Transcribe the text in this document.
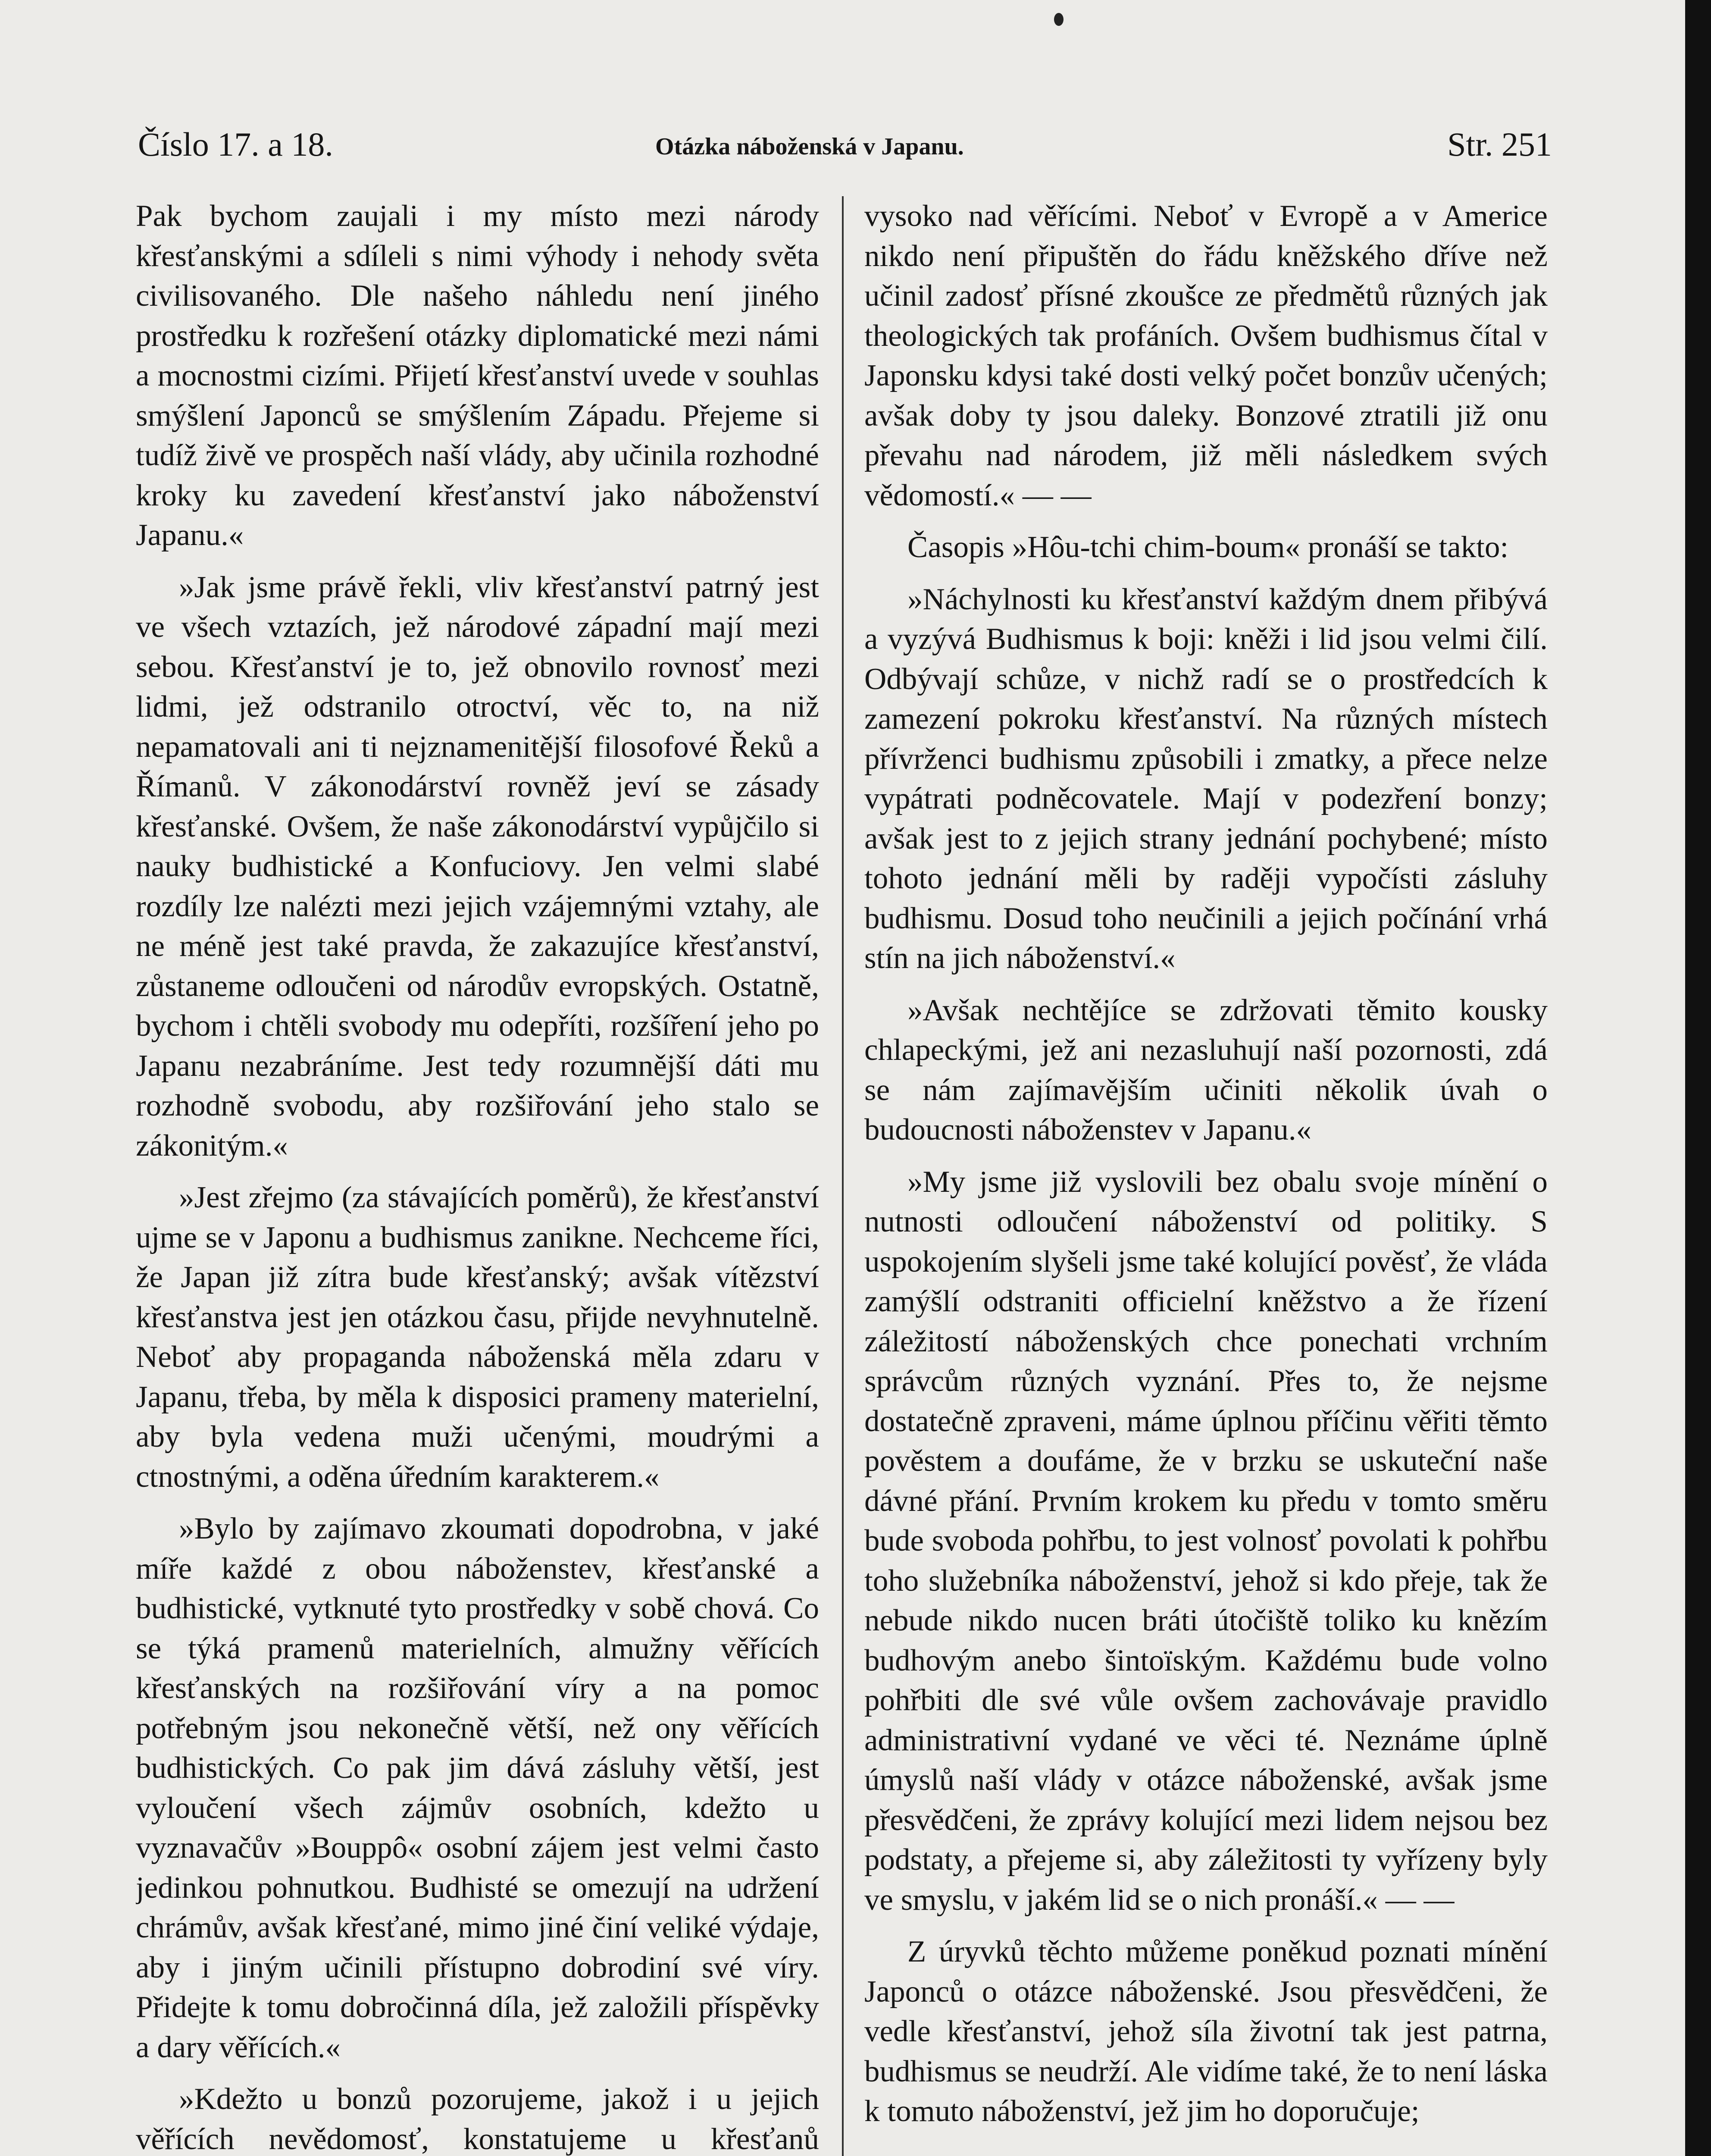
Číslo 17. a 18.	Otázka náboženská v Japanu.	Str. 251

Pak bychom zaujali i my místo mezi národy křesťanskými a sdíleli s nimi výhody i nehody světa civilisovaného. Dle našeho náhledu není jiného prostředku k rozřešení otázky diplomatické mezi námi a mocnostmi cizími. Přijetí křesťanství uvede v souhlas smýšlení Japonců se smýšlením Západu. Přejeme si tudíž živě ve prospěch naší vlády, aby učinila rozhodné kroky ku zavedení křesťanství jako náboženství Japanu.«

»Jak jsme právě řekli, vliv křesťanství patrný jest ve všech vztazích, jež národové západní mají mezi sebou. Křesťanství je to, jež obnovilo rovnosť mezi lidmi, jež odstranilo otroctví, věc to, na niž nepamatovali ani ti nejznamenitější filosofové Řeků a Římanů. V zákonodárství rovněž jeví se zásady křesťanské. Ovšem, že naše zákonodárství vypůjčilo si nauky budhistické a Konfuciovy. Jen velmi slabé rozdíly lze nalézti mezi jejich vzájemnými vztahy, ale ne méně jest také pravda, že zakazujíce křesťanství, zůstaneme odloučeni od národův evropských. Ostatně, bychom i chtěli svobody mu odepříti, rozšíření jeho po Japanu nezabráníme. Jest tedy rozumnější dáti mu rozhodně svobodu, aby rozšiřování jeho stalo se zákonitým.«

»Jest zřejmo (za stávajících poměrů), že křesťanství ujme se v Japonu a budhismus zanikne. Nechceme říci, že Japan již zítra bude křesťanský; avšak vítězství křesťanstva jest jen otázkou času, přijde nevyhnutelně. Neboť aby propaganda náboženská měla zdaru v Japanu, třeba, by měla k disposici prameny materielní, aby byla vedena muži učenými, moudrými a ctnostnými, a oděna úředním karakterem.«

»Bylo by zajímavo zkoumati dopodrobna, v jaké míře každé z obou náboženstev, křesťanské a budhistické, vytknuté tyto prostředky v sobě chová. Co se týká pramenů materielních, almužny věřících křesťanských na rozšiřování víry a na pomoc potřebným jsou nekonečně větší, než ony věřících budhistických. Co pak jim dává zásluhy větší, jest vyloučení všech zájmův osobních, kdežto u vyznavačův »Bouppô« osobní zájem jest velmi často jedinkou pohnutkou. Budhisté se omezují na udržení chrámův, avšak křesťané, mimo jiné činí veliké výdaje, aby i jiným učinili přístupno dobrodiní své víry. Přidejte k tomu dobročinná díla, jež založili příspěvky a dary věřících.«

»Kdežto u bonzů pozorujeme, jakož i u jejich věřících nevědomosť, konstatujeme u křesťanů

vysoko nad věřícími. Neboť v Evropě a v Americe nikdo není připuštěn do řádu kněžského dříve než učinil zadosť přísné zkoušce ze předmětů různých jak theologických tak profáních. Ovšem budhismus čítal v Japonsku kdysi také dosti velký počet bonzův učených; avšak doby ty jsou daleky. Bonzové ztratili již onu převahu nad národem, již měli následkem svých vědomostí.« — —

Časopis »Hôu-tchi chim-boum« pronáší se takto:

»Náchylnosti ku křesťanství každým dnem přibývá a vyzývá Budhismus k boji: kněži i lid jsou velmi čilí. Odbývají schůze, v nichž radí se o prostředcích k zamezení pokroku křesťanství. Na různých místech přívrženci budhismu způsobili i zmatky, a přece nelze vypátrati podněcovatele. Mají v podezření bonzy; avšak jest to z jejich strany jednání pochybené; místo tohoto jednání měli by raději vypočísti zásluhy budhismu. Dosud toho neučinili a jejich počínání vrhá stín na jich náboženství.«

»Avšak nechtějíce se zdržovati těmito kousky chlapeckými, jež ani nezasluhují naší pozornosti, zdá se nám zajímavějším učiniti několik úvah o budoucnosti náboženstev v Japanu.«

»My jsme již vyslovili bez obalu svoje mínění o nutnosti odloučení náboženství od politiky. S uspokojením slyšeli jsme také kolující pověsť, že vláda zamýšlí odstraniti officielní kněžstvo a že řízení záležitostí náboženských chce ponechati vrchním správcům různých vyznání. Přes to, že nejsme dostatečně zpraveni, máme úplnou příčinu věřiti těmto pověstem a doufáme, že v brzku se uskuteční naše dávné přání. Prvním krokem ku předu v tomto směru bude svoboda pohřbu, to jest volnosť povolati k pohřbu toho služebníka náboženství, jehož si kdo přeje, tak že nebude nikdo nucen bráti útočiště toliko ku knězím budhovým anebo šintoïským. Každému bude volno pohřbiti dle své vůle ovšem zachovávaje pravidlo administrativní vydané ve věci té. Neznáme úplně úmyslů naší vlády v otázce náboženské, avšak jsme přesvědčeni, že zprávy kolující mezi lidem nejsou bez podstaty, a přejeme si, aby záležitosti ty vyřízeny byly ve smyslu, v jakém lid se o nich pronáší.« — —

Z úryvků těchto můžeme poněkud poznati mínění Japonců o otázce náboženské. Jsou přesvědčeni, že vedle křesťanství, jehož síla životní tak jest patrna, budhismus se neudrží. Ale vidíme také, že to není láska k tomuto náboženství, jež jim ho doporučuje;
